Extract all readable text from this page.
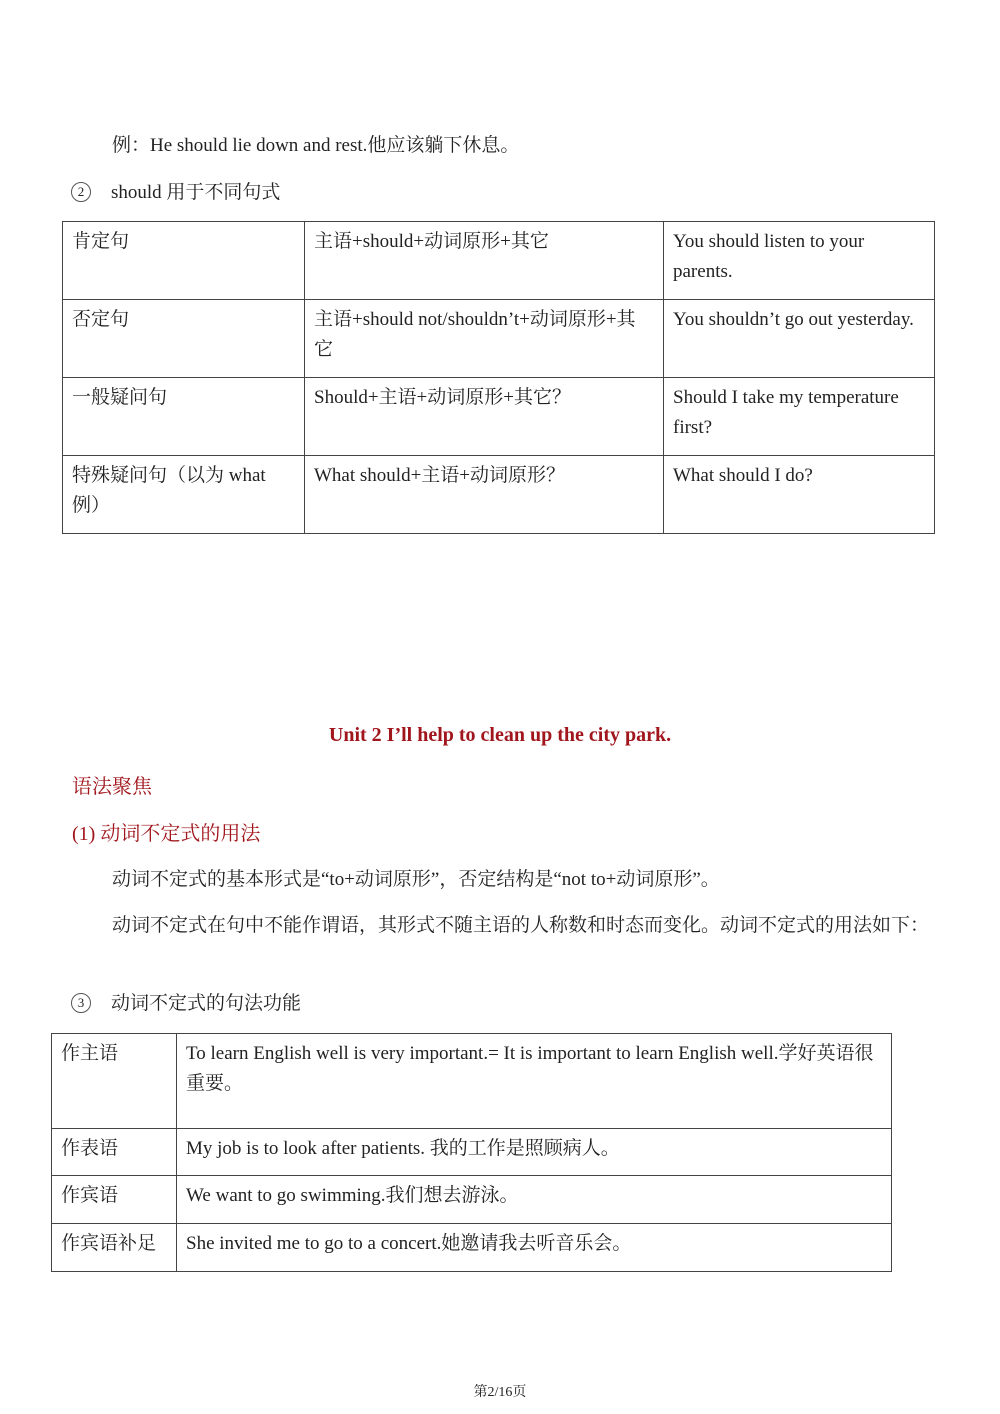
例：He should lie down and rest.他应该躺下休息。
2 should 用于不同句式
肯定句	主语+should+动词原形+其它	You should listen to your parents.
否定句	主语+should not/shouldn’t+动词原形+其它	You shouldn’t go out yesterday.
一般疑问句	Should+主语+动词原形+其它？	Should I take my temperature first?
特殊疑问句（以为 what 例）	What should+主语+动词原形？	What should I do?
Unit 2 I’ll help to clean up the city park.
语法聚焦
(1) 动词不定式的用法
动词不定式的基本形式是“to+动词原形”，否定结构是“not to+动词原形”。
动词不定式在句中不能作谓语，其形式不随主语的人称数和时态而变化。动词不定式的用法如下：
3 动词不定式的句法功能
作主语	To learn English well is very important.= It is important to learn English well.学好英语很重要。
作表语	My job is to look after patients. 我的工作是照顾病人。
作宾语	We want to go swimming.我们想去游泳。
作宾语补足	She invited me to go to a concert.她邀请我去听音乐会。
第2/16页
